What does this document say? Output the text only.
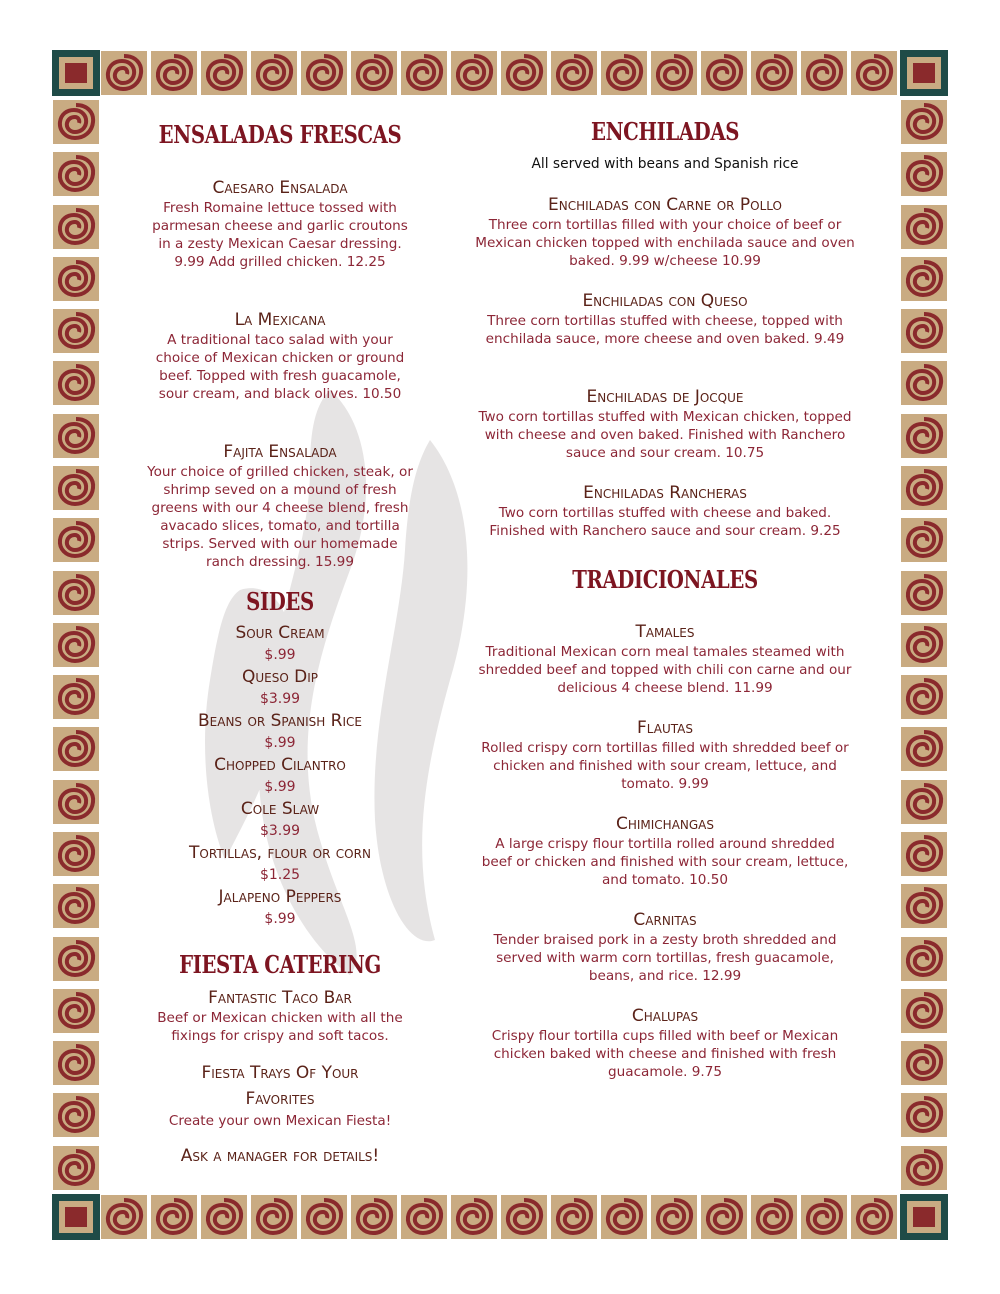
ENSALADAS FRESCAS

Caesaro Ensalada

Fresh Romaine lettuce tossed with parmesan cheese and garlic croutons in a zesty Mexican Caesar dressing. 9.99 Add grilled chicken. 12.25

La Mexicana

A traditional taco salad with your choice of Mexican chicken or ground beef. Topped with fresh guacamole, sour cream, and black olives. 10.50

Fajita Ensalada

Your choice of grilled chicken, steak, or shrimp seved on a mound of fresh greens with our 4 cheese blend, fresh avacado slices, tomato, and tortilla strips. Served with our homemade ranch dressing. 15.99

SIDES

Sour Cream

$.99

Queso Dip

$3.99

Beans or Spanish Rice

$.99

Chopped Cilantro

$.99

Cole Slaw

$3.99

Tortillas, flour or corn

$1.25

Jalapeno Peppers

$.99

FIESTA CATERING

Fantastic Taco Bar

Beef or Mexican chicken with all the fixings for crispy and soft tacos.

Fiesta Trays Of Your Favorites

Create your own Mexican Fiesta!

Ask a manager for details!

ENCHILADAS

All served with beans and Spanish rice

Enchiladas con Carne or Pollo

Three corn tortillas filled with your choice of beef or Mexican chicken topped with enchilada sauce and oven baked. 9.99 w/cheese 10.99

Enchiladas con Queso

Three corn tortillas stuffed with cheese, topped with enchilada sauce, more cheese and oven baked. 9.49

Enchiladas de Jocque

Two corn tortillas stuffed with Mexican chicken, topped with cheese and oven baked. Finished with Ranchero sauce and sour cream. 10.75

Enchiladas Rancheras

Two corn tortillas stuffed with cheese and baked. Finished with Ranchero sauce and sour cream. 9.25

TRADICIONALES

Tamales

Traditional Mexican corn meal tamales steamed with shredded beef and topped with chili con carne and our delicious 4 cheese blend. 11.99

Flautas

Rolled crispy corn tortillas filled with shredded beef or chicken and finished with sour cream, lettuce, and tomato. 9.99

Chimichangas

A large crispy flour tortilla rolled around shredded beef or chicken and finished with sour cream, lettuce, and tomato. 10.50

Carnitas

Tender braised pork in a zesty broth shredded and served with warm corn tortillas, fresh guacamole, beans, and rice. 12.99

Chalupas

Crispy flour tortilla cups filled with beef or Mexican chicken baked with cheese and finished with fresh guacamole. 9.75
